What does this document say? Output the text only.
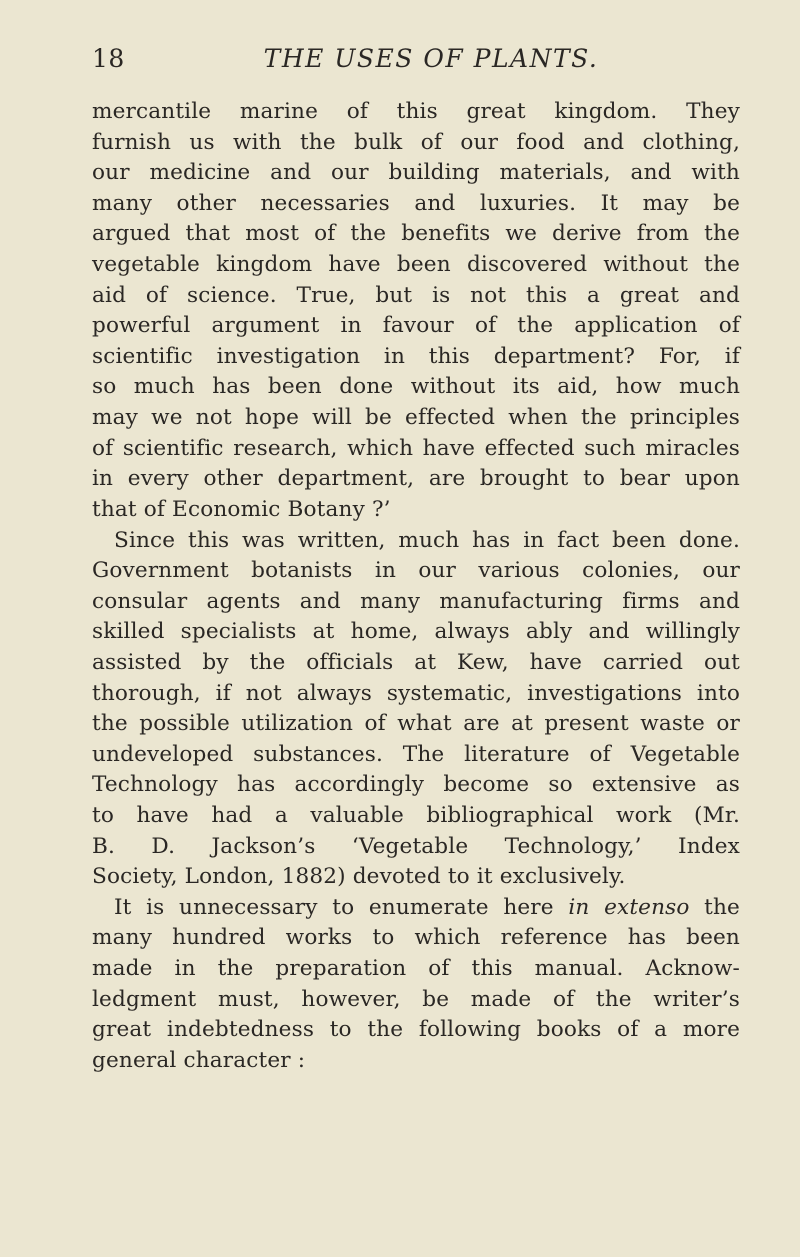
18	THE USES OF PLANTS.
mercantile marine of this great kingdom. They
furnish us with the bulk of our food and clothing,
our medicine and our building materials, and with
many other necessaries and luxuries. It may be
argued that most of the benefits we derive from the
vegetable kingdom have been discovered without the
aid of science. True, but is not this a great and
powerful argument in favour of the application of
scientific investigation in this department? For, if
so much has been done without its aid, how much
may we not hope will be effected when the principles
of scientific research, which have effected such miracles
in every other department, are brought to bear upon
that of Economic Botany ?’
Since this was written, much has in fact been done.
Government botanists in our various colonies, our
consular agents and many manufacturing firms and
skilled specialists at home, always ably and willingly
assisted by the officials at Kew, have carried out
thorough, if not always systematic, investigations into
the possible utilization of what are at present waste or
undeveloped substances. The literature of Vegetable
Technology has accordingly become so extensive as
to have had a valuable bibliographical work (Mr.
B. D. Jackson’s ‘Vegetable Technology,’ Index
Society, London, 1882) devoted to it exclusively.
It is unnecessary to enumerate here in extenso the
many hundred works to which reference has been
made in the preparation of this manual. Acknow-
ledgment must, however, be made of the writer’s
great indebtedness to the following books of a more
general character :
